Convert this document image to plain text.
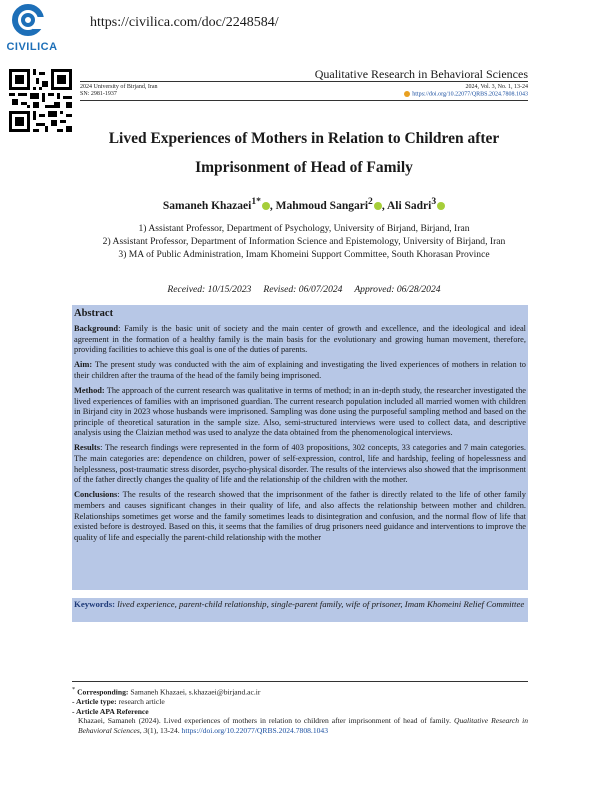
CIVILICA
https://civilica.com/doc/2248584/
Qualitative Research in Behavioral Sciences
2024 University of Birjand, Iran
SN: 2981-1937
2024, Vol. 3, No. 1, 13-24
https://doi.org/10.22077/QRBS.2024.7808.1043
Lived Experiences of Mothers in Relation to Children after Imprisonment of Head of Family
Samaneh Khazaei$^{1*}$ , Mahmoud Sangari$^2$ , Ali Sadri$^3$
1) Assistant Professor, Department of Psychology, University of Birjand, Birjand, Iran
2) Assistant Professor, Department of Information Science and Epistemology, University of Birjand, Iran
3) MA of Public Administration, Imam Khomeini Support Committee, South Khorasan Province
Received: 10/15/2023 Revised: 06/07/2024 Approved: 06/28/2024
Abstract

Background: Family is the basic unit of society and the main center of growth and excellence, and the ideological and ideal agreement in the formation of a healthy family is the main basis for the evolutionary and growing human movement, therefore, providing facilities to achieve this goal is one of the duties of parents.

Aim: The present study was conducted with the aim of explaining and investigating the lived experiences of mothers in relation to their children after the trauma of the head of the family being imprisoned.

Method: The approach of the current research was qualitative in terms of method; in an in-depth study, the researcher investigated the lived experiences of families with an imprisoned guardian. The current research population included all married women with children in Birjand city in 2023 whose husbands were imprisoned. Sampling was done using the purposeful sampling method and based on the principle of theoretical saturation in the sample size. Also, semi-structured interviews were used to collect data, and descriptive analysis using the Claizian method was used to analyze the data obtained from the phenomenological interviews.

Results: The research findings were represented in the form of 403 propositions, 302 concepts, 33 categories and 7 main categories. The main categories are: dependence on children, power of self-expression, control, life and hardship, feeling of hopelessness and helplessness, post-traumatic stress disorder, psycho-physical disorder. The results of the interviews also showed that the imprisonment of the father directly changes the quality of life and the relationship of the children with the mother.

Conclusions: The results of the research showed that the imprisonment of the father is directly related to the life of other family members and causes significant changes in their quality of life, and also affects the relationship between mother and children. Relationships sometimes get worse and the family sometimes leads to disintegration and confusion, and the normal flow of life that existed before is destroyed. Based on this, it seems that the families of drug prisoners need guidance and interventions to improve the quality of life and especially the parent-child relationship with the mother

Keywords: lived experience, parent-child relationship, single-parent family, wife of prisoner, Imam Khomeini Relief Committee
* Corresponding: Samaneh Khazaei, s.khazaei@birjand.ac.ir
- Article type: research article
- Article APA Reference
Khazaei, Samaneh (2024). Lived experiences of mothers in relation to children after imprisonment of head of family. Qualitative Research in Behavioral Sciences, 3(1), 13-24. https://doi.org/10.22077/QRBS.2024.7808.1043
